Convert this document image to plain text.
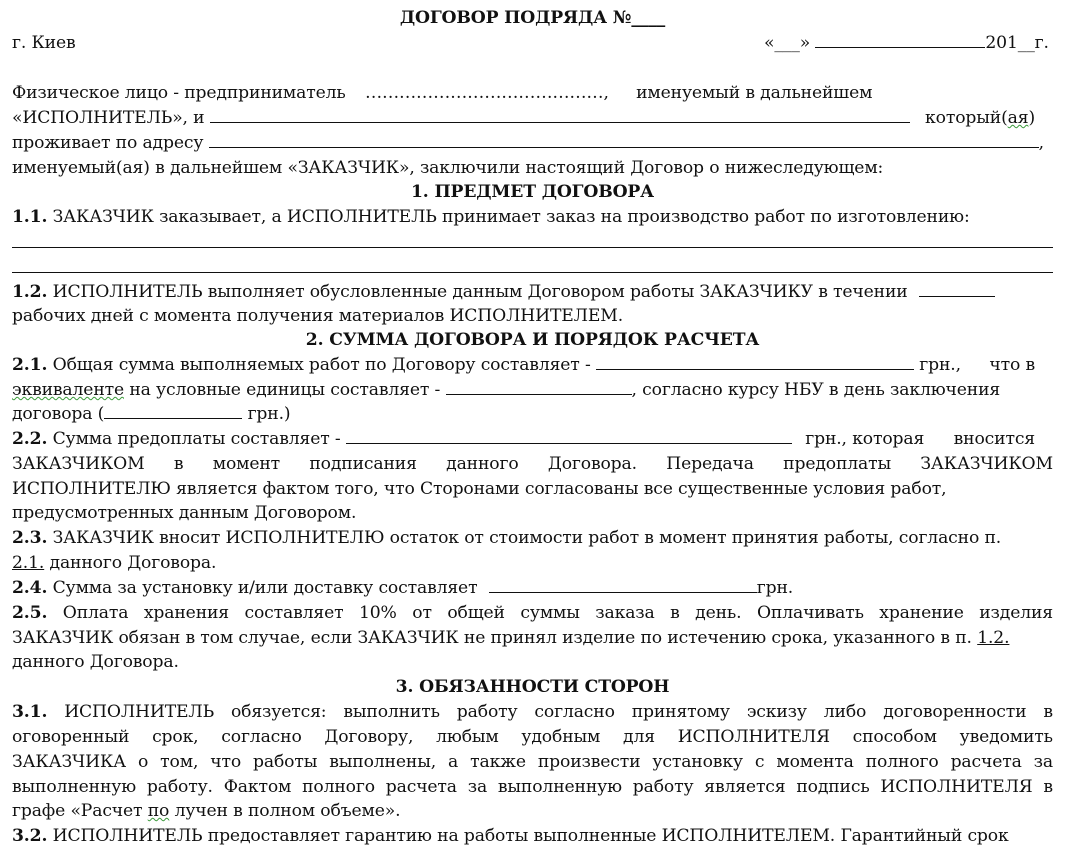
ДОГОВОР ПОДРЯДА №____
г. Киев	«___»	201__г.
Физическое лицо - предприниматель ……………………………………, именуемый в дальнейшем
«ИСПОЛНИТЕЛЬ», и	который(ая)
проживает по адресу	,
именуемый(ая) в дальнейшем «ЗАКАЗЧИК», заключили настоящий Договор о нижеследующем:
1. ПРЕДМЕТ ДОГОВОРА
1.1. ЗАКАЗЧИК заказывает, а ИСПОЛНИТЕЛЬ принимает заказ на производство работ по изготовлению:
1.2. ИСПОЛНИТЕЛЬ выполняет обусловленные данным Договором работы ЗАКАЗЧИКУ в течении
рабочих дней с момента получения материалов ИСПОЛНИТЕЛЕМ.
2. СУММА ДОГОВОРА И ПОРЯДОК РАСЧЕТА
2.1. Общая сумма выполняемых работ по Договору составляет -	грн., что в
эквиваленте на условные единицы составляет -	, согласно курсу НБУ в день заключения
договора (	грн.)
2.2. Сумма предоплаты составляет -	грн., которая вносится
ЗАКАЗЧИКОМ в момент подписания данного Договора. Передача предоплаты ЗАКАЗЧИКОМ
ИСПОЛНИТЕЛЮ является фактом того, что Сторонами согласованы все существенные условия работ,
предусмотренных данным Договором.
2.3. ЗАКАЗЧИК вносит ИСПОЛНИТЕЛЮ остаток от стоимости работ в момент принятия работы, согласно п.
2.1. данного Договора.
2.4. Сумма за установку и/или доставку составляет	грн.
2.5. Оплата хранения составляет 10% от общей суммы заказа в день. Оплачивать хранение изделия
ЗАКАЗЧИК обязан в том случае, если ЗАКАЗЧИК не принял изделие по истечению срока, указанного в п. 1.2.
данного Договора.
3. ОБЯЗАННОСТИ СТОРОН
3.1. ИСПОЛНИТЕЛЬ обязуется: выполнить работу согласно принятому эскизу либо договоренности в
оговоренный срок, согласно Договору, любым удобным для ИСПОЛНИТЕЛЯ способом уведомить
ЗАКАЗЧИКА о том, что работы выполнены, а также произвести установку с момента полного расчета за
выполненную работу. Фактом полного расчета за выполненную работу является подпись ИСПОЛНИТЕЛЯ в
графе «Расчет по лучен в полном объеме».
3.2. ИСПОЛНИТЕЛЬ предоставляет гарантию на работы выполненные ИСПОЛНИТЕЛЕМ. Гарантийный срок
